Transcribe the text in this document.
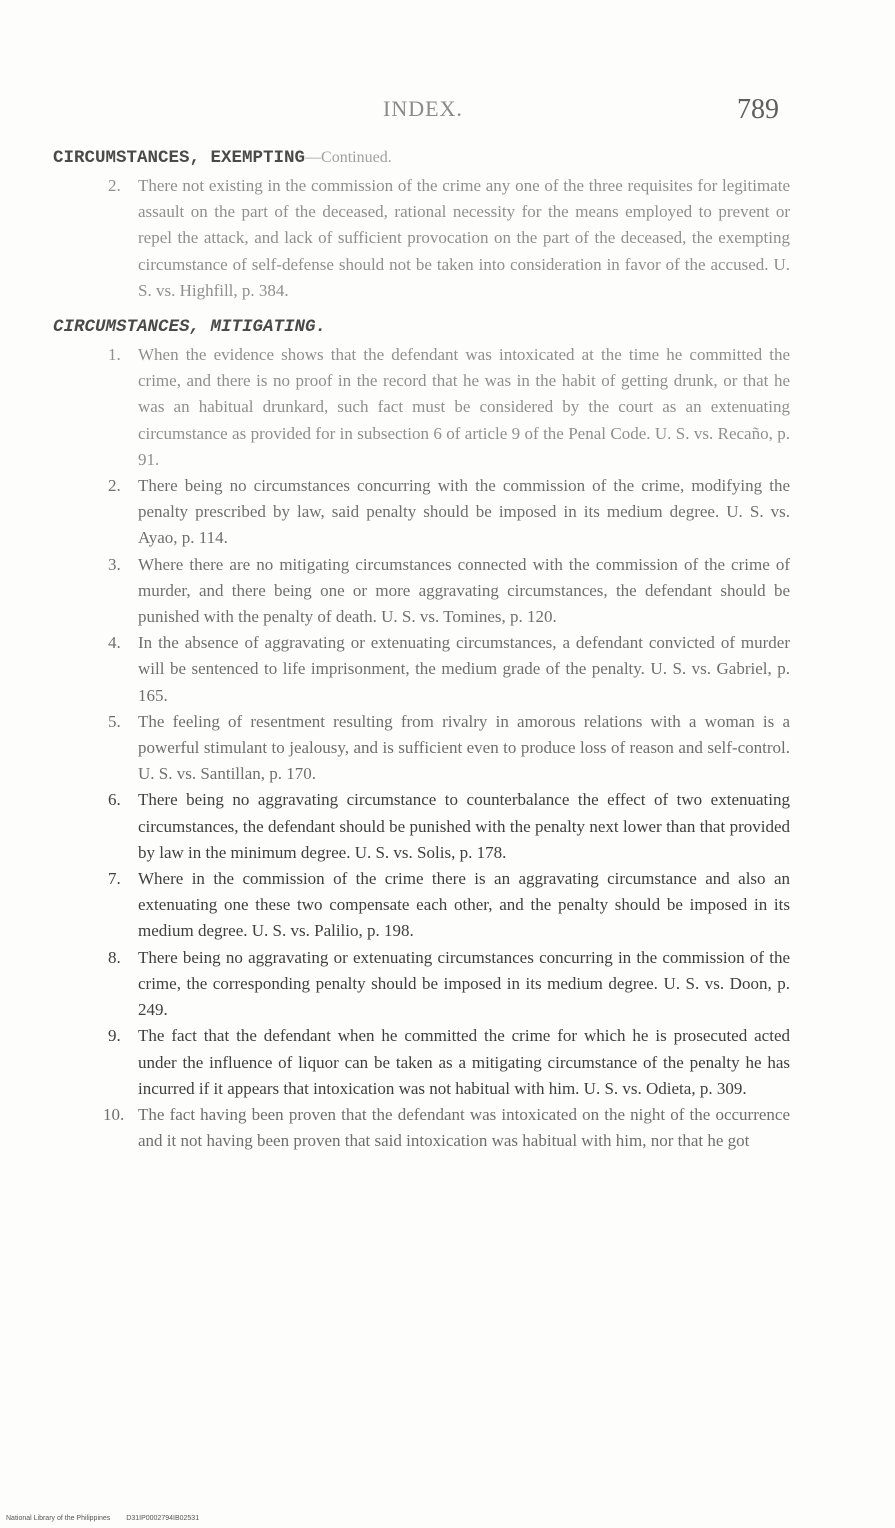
INDEX.	789
CIRCUMSTANCES, EXEMPTING—Continued.
2.	There not existing in the commission of the crime any one of the three requisites for legitimate assault on the part of the deceased, rational necessity for the means employed to prevent or repel the attack, and lack of sufficient provocation on the part of the deceased, the exempting circumstance of self-defense should not be taken into consideration in favor of the accused. U. S. vs. Highfill, p. 384.
CIRCUMSTANCES, MITIGATING.
1.	When the evidence shows that the defendant was intoxicated at the time he committed the crime, and there is no proof in the record that he was in the habit of getting drunk, or that he was an habitual drunkard, such fact must be considered by the court as an extenuating circumstance as provided for in subsection 6 of article 9 of the Penal Code. U. S. vs. Recaño, p. 91.
2.	There being no circumstances concurring with the commission of the crime, modifying the penalty prescribed by law, said penalty should be imposed in its medium degree. U. S. vs. Ayao, p. 114.
3.	Where there are no mitigating circumstances connected with the commission of the crime of murder, and there being one or more aggravating circumstances, the defendant should be punished with the penalty of death. U. S. vs. Tomines, p. 120.
4.	In the absence of aggravating or extenuating circumstances, a defendant convicted of murder will be sentenced to life imprisonment, the medium grade of the penalty. U. S. vs. Gabriel, p. 165.
5.	The feeling of resentment resulting from rivalry in amorous relations with a woman is a powerful stimulant to jealousy, and is sufficient even to produce loss of reason and self-control. U. S. vs. Santillan, p. 170.
6.	There being no aggravating circumstance to counterbalance the effect of two extenuating circumstances, the defendant should be punished with the penalty next lower than that provided by law in the minimum degree. U. S. vs. Solis, p. 178.
7.	Where in the commission of the crime there is an aggravating circumstance and also an extenuating one these two compensate each other, and the penalty should be imposed in its medium degree. U. S. vs. Palilio, p. 198.
8.	There being no aggravating or extenuating circumstances concurring in the commission of the crime, the corresponding penalty should be imposed in its medium degree. U. S. vs. Doon, p. 249.
9.	The fact that the defendant when he committed the crime for which he is prosecuted acted under the influence of liquor can be taken as a mitigating circumstance of the penalty he has incurred if it appears that intoxication was not habitual with him. U. S. vs. Odieta, p. 309.
10. The fact having been proven that the defendant was intoxicated on the night of the occurrence and it not having been proven that said intoxication was habitual with him, nor that he got
National Library of the Philippines D31IP0002794IB02531
